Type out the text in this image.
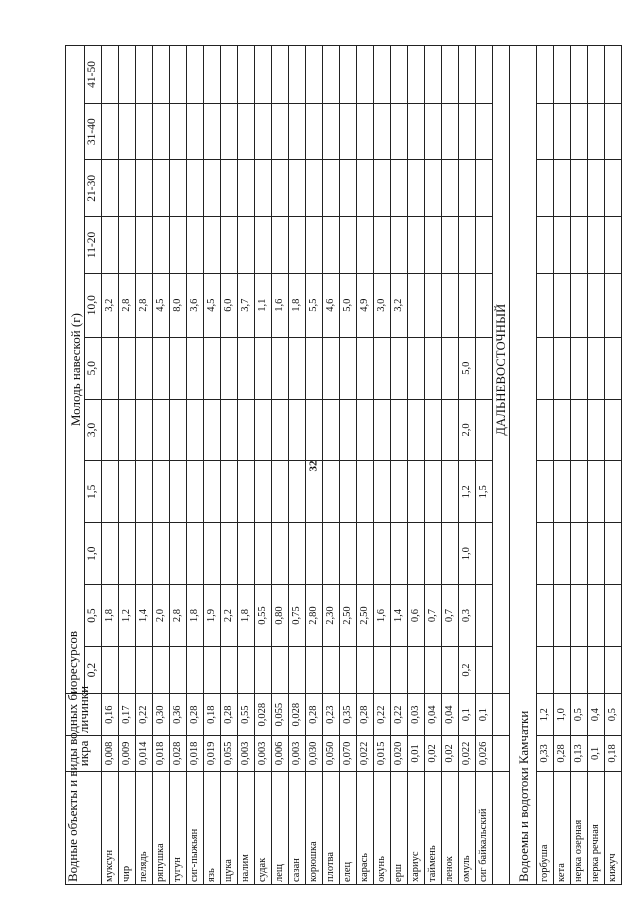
32
Водные объекты и виды водных биоресурсов	икра	личинки	Молодь навеской (г)										
			0,2	0,5	1,0	1,5	3,0	5,0	10,0	11-20	21-30	31-40	41-50
муксун	0,008	0,16		1,8					3,2				
чир	0,009	0,17		1,2					2,8				
пелядь	0,014	0,22		1,4					2,8				
ряпушка	0,018	0,30		2,0					4,5				
тугун	0,028	0,36		2,8					8,0				
сиг-пыжьян	0,018	0,28		1,8					3,6				
язь	0,019	0,18		1,9					4,5				
щука	0,055	0,28		2,2					6,0				
налим	0,003	0,55		1,8					3,7				
судак	0,003	0,028		0,55					1,1				
лещ	0,006	0,055		0,80					1,6				
сазан	0,003	0,028		0,75					1,8				
корюшка	0,030	0,28		2,80					5,5				
плотва	0,050	0,23		2,30					4,6				
елец	0,070	0,35		2,50					5,0				
карась	0,022	0,28		2,50					4,9				
окунь	0,015	0,22		1,6					3,0				
ерш	0,020	0,22		1,4					3,2				
хариус	0,01	0,03		0,6									
таймень	0,02	0,04		0,7									
ленок	0,02	0,04		0,7									
омуль	0,022	0,1	0,2	0,3	1,0	1,2	2,0	5,0					
сиг байкальский	0,026	0,1				1,5							
			ДАЛЬНЕВОСТОЧНЫЙ										
Водоемы и водотоки Камчатки													
горбуша	0,33	1,2											
кета	0,28	1,0											
нерка озерная	0,13	0,5											
нерка речная	0,1	0,4											
кижуч	0,18	0,5											
